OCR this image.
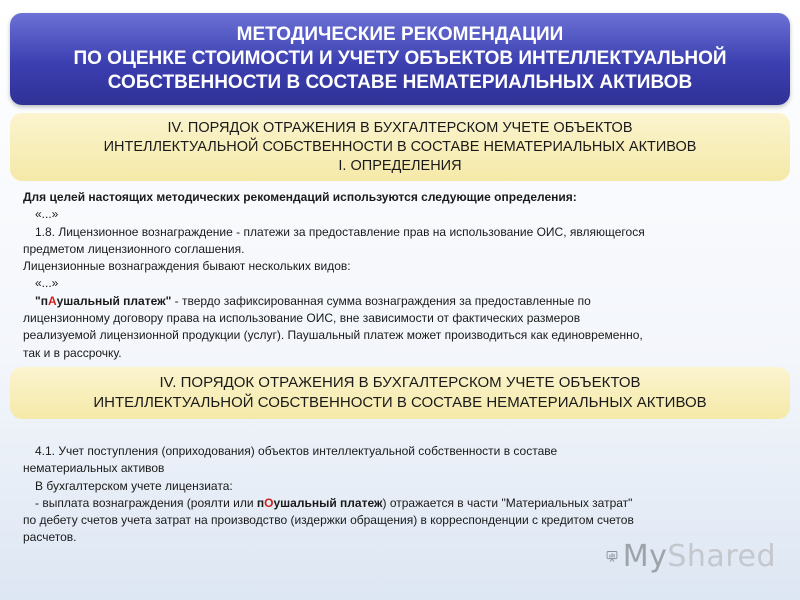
МЕТОДИЧЕСКИЕ РЕКОМЕНДАЦИИ
ПО ОЦЕНКЕ СТОИМОСТИ И УЧЕТУ ОБЪЕКТОВ ИНТЕЛЛЕКТУАЛЬНОЙ
СОБСТВЕННОСТИ В СОСТАВЕ НЕМАТЕРИАЛЬНЫХ АКТИВОВ
IV. ПОРЯДОК ОТРАЖЕНИЯ В БУХГАЛТЕРСКОМ УЧЕТЕ ОБЪЕКТОВ
ИНТЕЛЛЕКТУАЛЬНОЙ СОБСТВЕННОСТИ В СОСТАВЕ НЕМАТЕРИАЛЬНЫХ АКТИВОВ
I. ОПРЕДЕЛЕНИЯ
Для целей настоящих методических рекомендаций используются следующие определения:
«...»
1.8. Лицензионное вознаграждение - платежи за предоставление прав на использование ОИС, являющегося
предметом лицензионного соглашения.
Лицензионные вознаграждения бывают нескольких видов:
«...»
"пАушальный платеж" - твердо зафиксированная сумма вознаграждения за предоставленные по
лицензионному договору права на использование ОИС, вне зависимости от фактических размеров
реализуемой лицензионной продукции (услуг). Паушальный платеж может производиться как единовременно,
так и в рассрочку.
IV. ПОРЯДОК ОТРАЖЕНИЯ В БУХГАЛТЕРСКОМ УЧЕТЕ ОБЪЕКТОВ
ИНТЕЛЛЕКТУАЛЬНОЙ СОБСТВЕННОСТИ В СОСТАВЕ НЕМАТЕРИАЛЬНЫХ АКТИВОВ
4.1. Учет поступления (оприходования) объектов интеллектуальной собственности в составе
нематериальных активов
В бухгалтерском учете лицензиата:
- выплата вознаграждения (роялти или пОушальный платеж) отражается в части "Материальных затрат"
по дебету счетов учета затрат на производство (издержки обращения) в корреспонденции с кредитом счетов
расчетов.
MyShared
